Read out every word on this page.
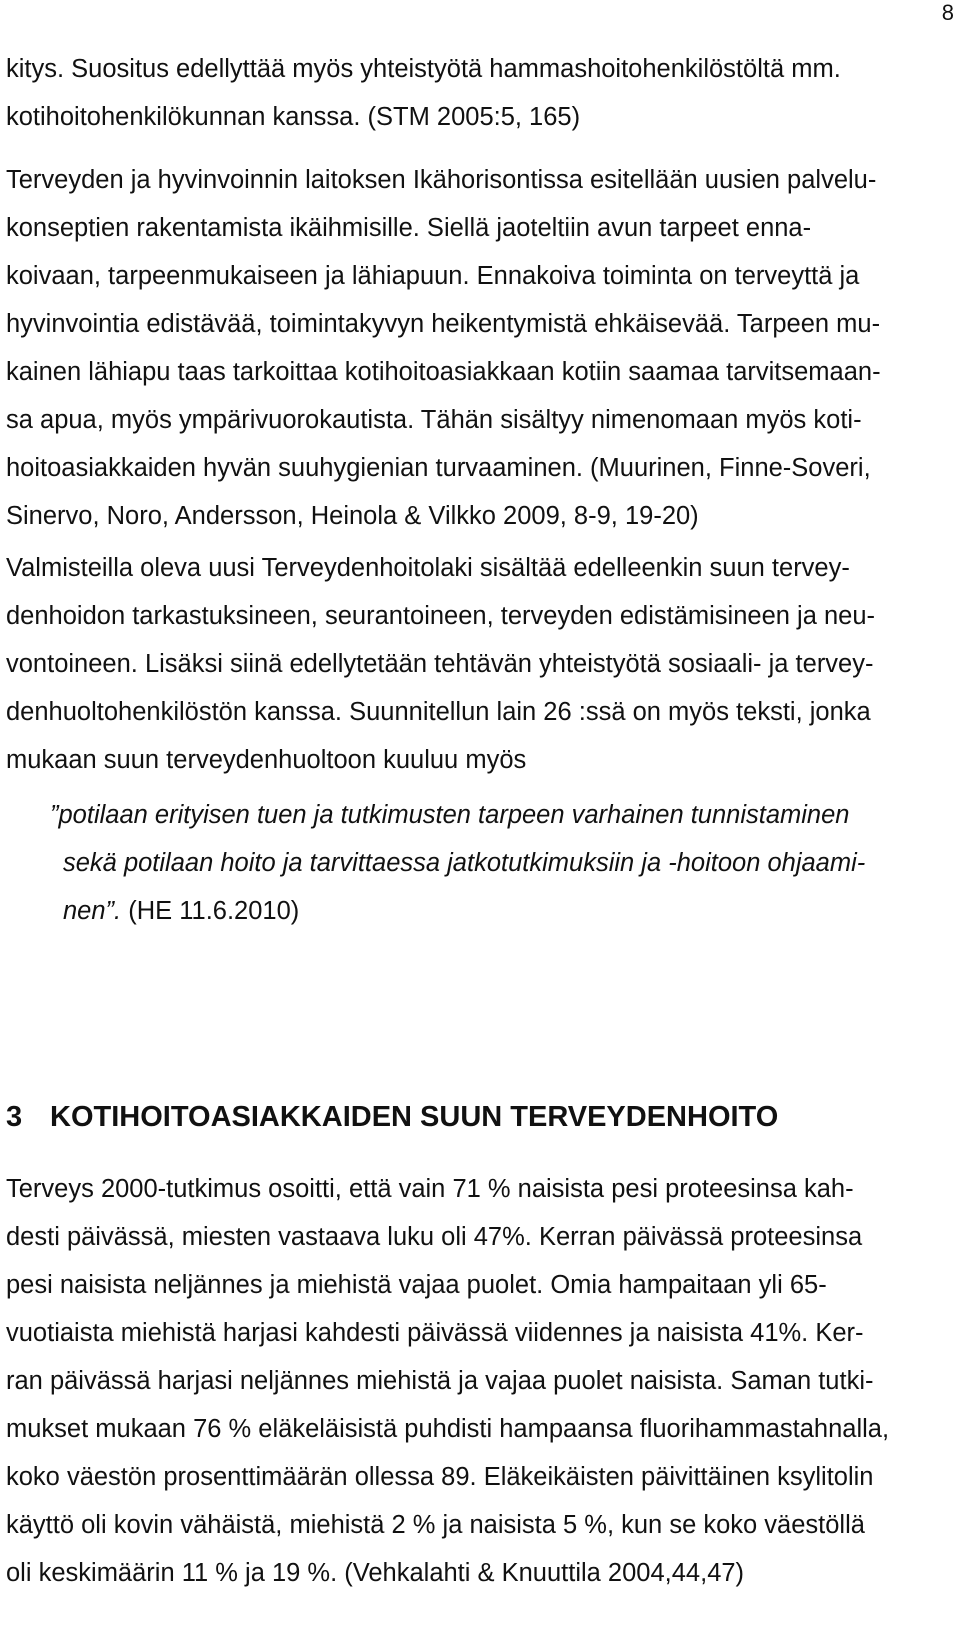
8
kitys. Suositus edellyttää myös yhteistyötä hammashoitohenkilöstöltä mm.
kotihoitohenkilökunnan kanssa. (STM 2005:5, 165)
Terveyden ja hyvinvoinnin laitoksen Ikähorisontissa esitellään uusien palvelu-
konseptien rakentamista ikäihmisille. Siellä jaoteltiin avun tarpeet enna-
koivaan, tarpeenmukaiseen ja lähiapuun. Ennakoiva toiminta on terveyttä ja
hyvinvointia edistävää, toimintakyvyn heikentymistä ehkäisevää. Tarpeen mu-
kainen lähiapu taas tarkoittaa kotihoitoasiakkaan kotiin saamaa tarvitsemaan-
sa apua, myös ympärivuorokautista. Tähän sisältyy nimenomaan myös koti-
hoitoasiakkaiden hyvän suuhygienian turvaaminen. (Muurinen, Finne-Soveri,
Sinervo, Noro, Andersson, Heinola & Vilkko 2009, 8-9, 19-20)
Valmisteilla oleva uusi Terveydenhoitolaki sisältää edelleenkin suun tervey-
denhoidon tarkastuksineen, seurantoineen, terveyden edistämisineen ja neu-
vontoineen. Lisäksi siinä edellytetään tehtävän yhteistyötä sosiaali- ja tervey-
denhuoltohenkilöstön kanssa. Suunnitellun lain 26 :ssä on myös teksti, jonka
mukaan suun terveydenhuoltoon kuuluu myös
”potilaan erityisen tuen ja tutkimusten tarpeen varhainen tunnistaminen
sekä potilaan hoito ja tarvittaessa jatkotutkimuksiin ja -hoitoon ohjaami-
nen”. (HE 11.6.2010)
3 KOTIHOITOASIAKKAIDEN SUUN TERVEYDENHOITO
Terveys 2000-tutkimus osoitti, että vain 71 % naisista pesi proteesinsa kah-
desti päivässä, miesten vastaava luku oli 47%. Kerran päivässä proteesinsa
pesi naisista neljännes ja miehistä vajaa puolet. Omia hampaitaan yli 65-
vuotiaista miehistä harjasi kahdesti päivässä viidennes ja naisista 41%. Ker-
ran päivässä harjasi neljännes miehistä ja vajaa puolet naisista. Saman tutki-
mukset mukaan 76 % eläkeläisistä puhdisti hampaansa fluorihammastahnalla,
koko väestön prosenttimäärän ollessa 89. Eläkeikäisten päivittäinen ksylitolin
käyttö oli kovin vähäistä, miehistä 2 % ja naisista 5 %, kun se koko väestöllä
oli keskimäärin 11 % ja 19 %. (Vehkalahti & Knuuttila 2004,44,47)
